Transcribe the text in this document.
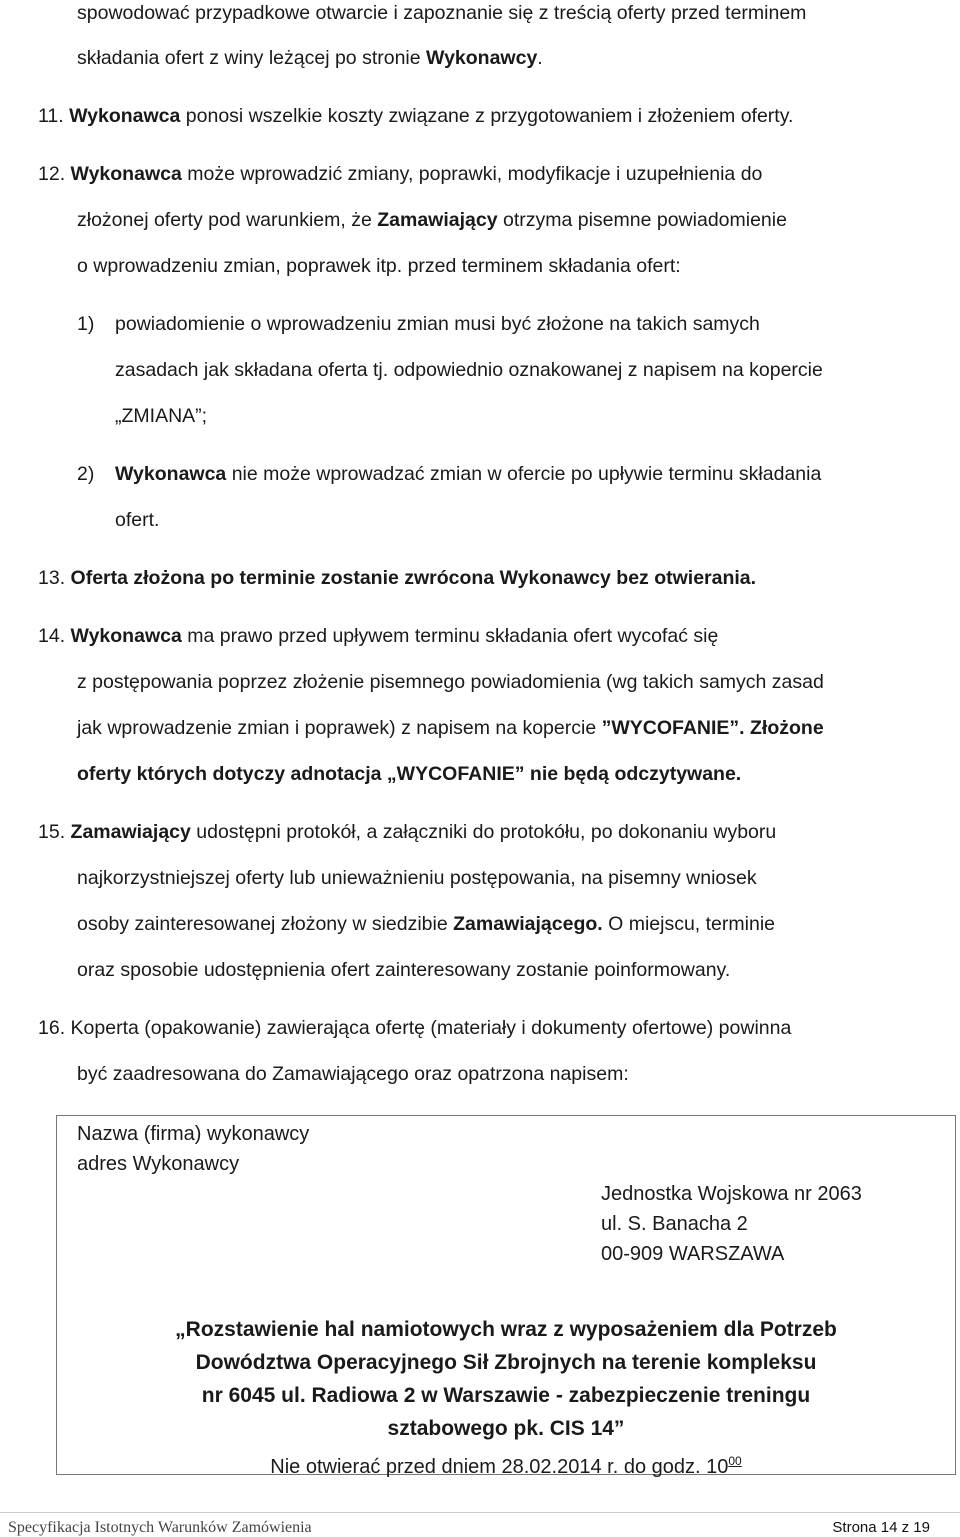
spowodować przypadkowe otwarcie i zapoznanie się z treścią oferty przed terminem
składania ofert z winy leżącej po stronie Wykonawcy.
11. Wykonawca ponosi wszelkie koszty związane z przygotowaniem i złożeniem oferty.
12. Wykonawca może wprowadzić zmiany, poprawki, modyfikacje i uzupełnienia do
złożonej oferty pod warunkiem, że Zamawiający otrzyma pisemne powiadomienie
o wprowadzeniu zmian, poprawek itp. przed terminem składania ofert:
1) powiadomienie o wprowadzeniu zmian musi być złożone na takich samych
zasadach jak składana oferta tj. odpowiednio oznakowanej z napisem na kopercie
„ZMIANA”;
2) Wykonawca nie może wprowadzać zmian w ofercie po upływie terminu składania
ofert.
13. Oferta złożona po terminie zostanie zwrócona Wykonawcy bez otwierania.
14. Wykonawca ma prawo przed upływem terminu składania ofert wycofać się
z postępowania poprzez złożenie pisemnego powiadomienia (wg takich samych zasad
jak wprowadzenie zmian i poprawek) z napisem na kopercie ”WYCOFANIE”. Złożone
oferty których dotyczy adnotacja „WYCOFANIE” nie będą odczytywane.
15. Zamawiający udostępni protokół, a załączniki do protokółu, po dokonaniu wyboru
najkorzystniejszej oferty lub unieważnieniu postępowania, na pisemny wniosek
osoby zainteresowanej złożony w siedzibie Zamawiającego. O miejscu, terminie
oraz sposobie udostępnienia ofert zainteresowany zostanie poinformowany.
16. Koperta (opakowanie) zawierająca ofertę (materiały i dokumenty ofertowe) powinna
być zaadresowana do Zamawiającego oraz opatrzona napisem:
Nazwa (firma) wykonawcy
adres Wykonawcy
Jednostka Wojskowa nr 2063
ul. S. Banacha 2
00-909 WARSZAWA
„Rozstawienie hal namiotowych wraz z wyposażeniem dla Potrzeb
Dowództwa Operacyjnego Sił Zbrojnych na terenie kompleksu
nr 6045 ul. Radiowa 2 w Warszawie - zabezpieczenie treningu
sztabowego pk. CIS 14”
Nie otwierać przed dniem 28.02.2014 r. do godz. $10^{00}$
Specyfikacja Istotnych Warunków Zamówienia	Strona 14 z 19
